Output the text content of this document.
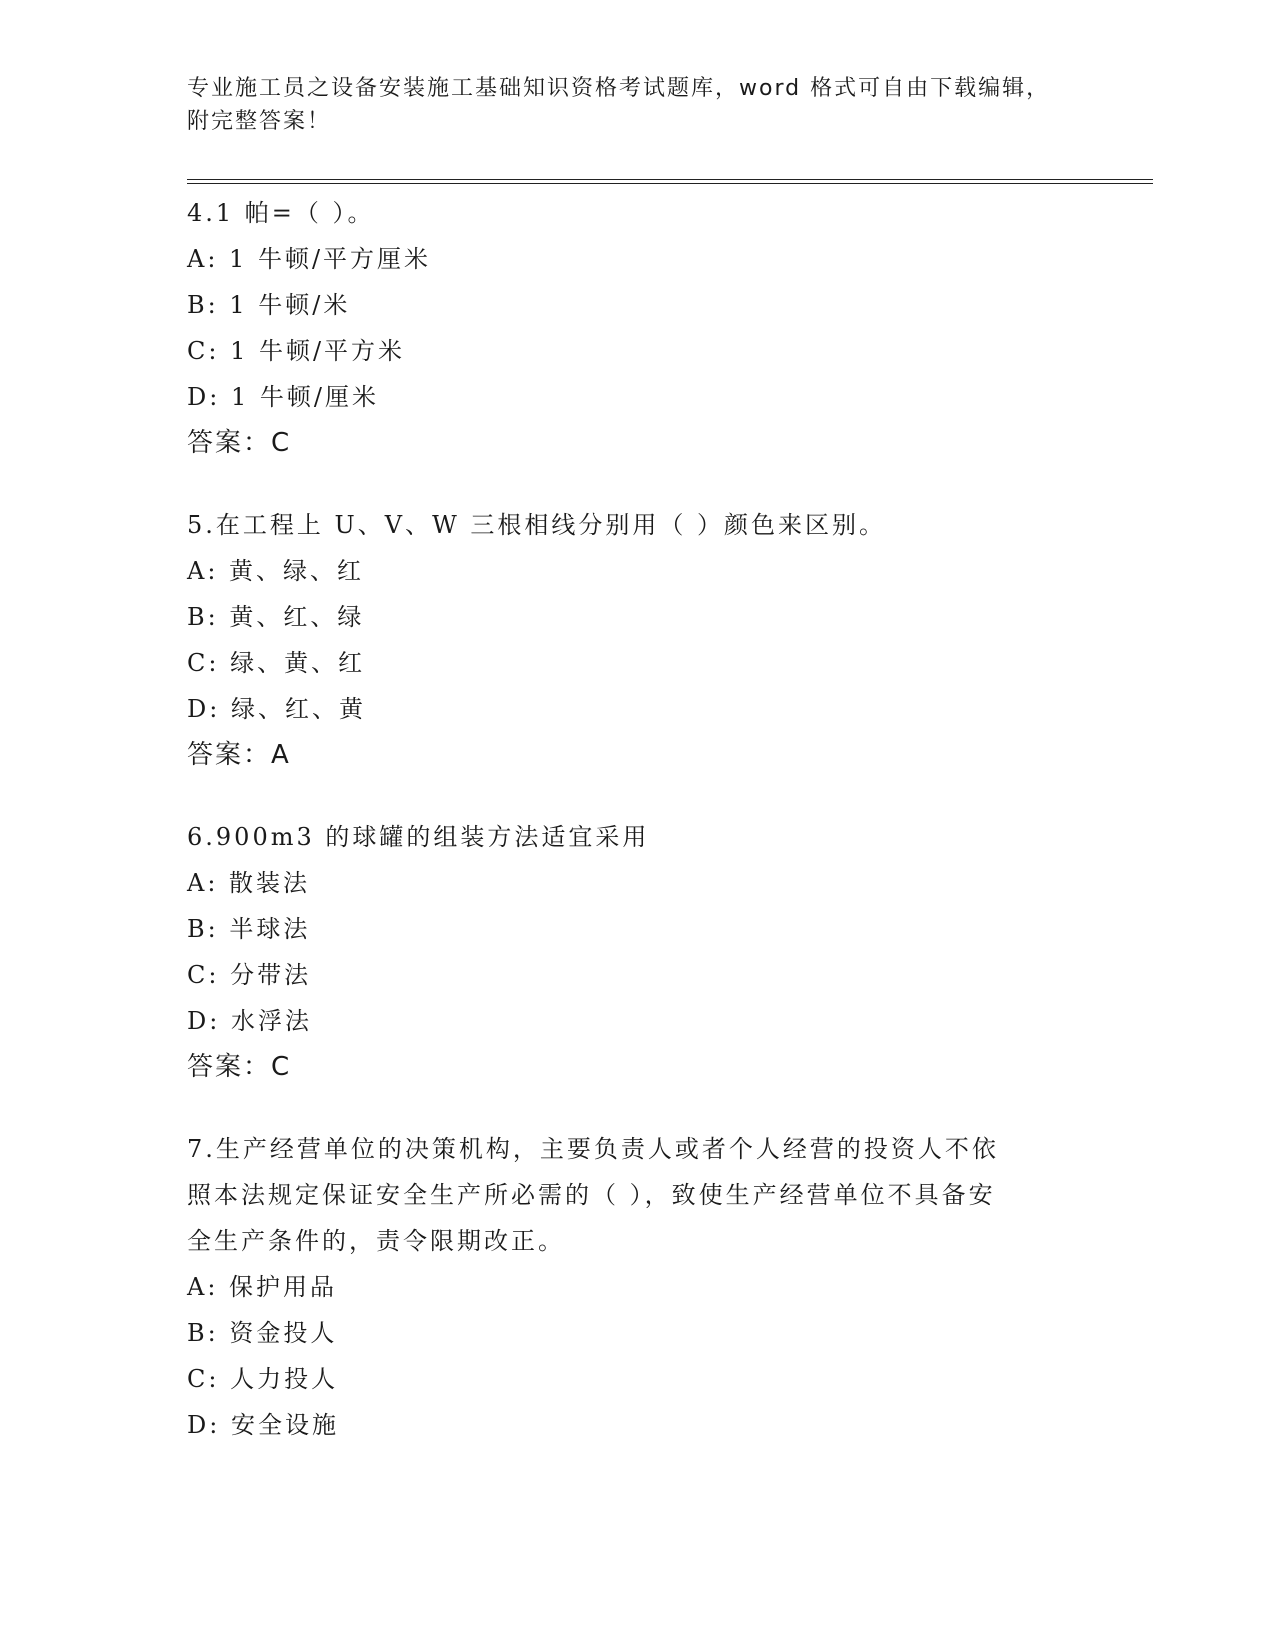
专业施工员之设备安装施工基础知识资格考试题库，word 格式可自由下载编辑，
附完整答案！
4.1 帕=（ ）。
A: 1 牛顿/平方厘米
B: 1 牛顿/米
C: 1 牛顿/平方米
D: 1 牛顿/厘米
答案：C
5.在工程上 U、V、W 三根相线分别用（ ）颜色来区别。
A: 黄、绿、红
B: 黄、红、绿
C: 绿、黄、红
D: 绿、红、黄
答案：A
6.900m3 的球罐的组装方法适宜采用
A: 散装法
B: 半球法
C: 分带法
D: 水浮法
答案：C
7.生产经营单位的决策机构，主要负责人或者个人经营的投资人不依
照本法规定保证安全生产所必需的（ ），致使生产经营单位不具备安
全生产条件的，责令限期改正。
A: 保护用品
B: 资金投人
C: 人力投人
D: 安全设施
